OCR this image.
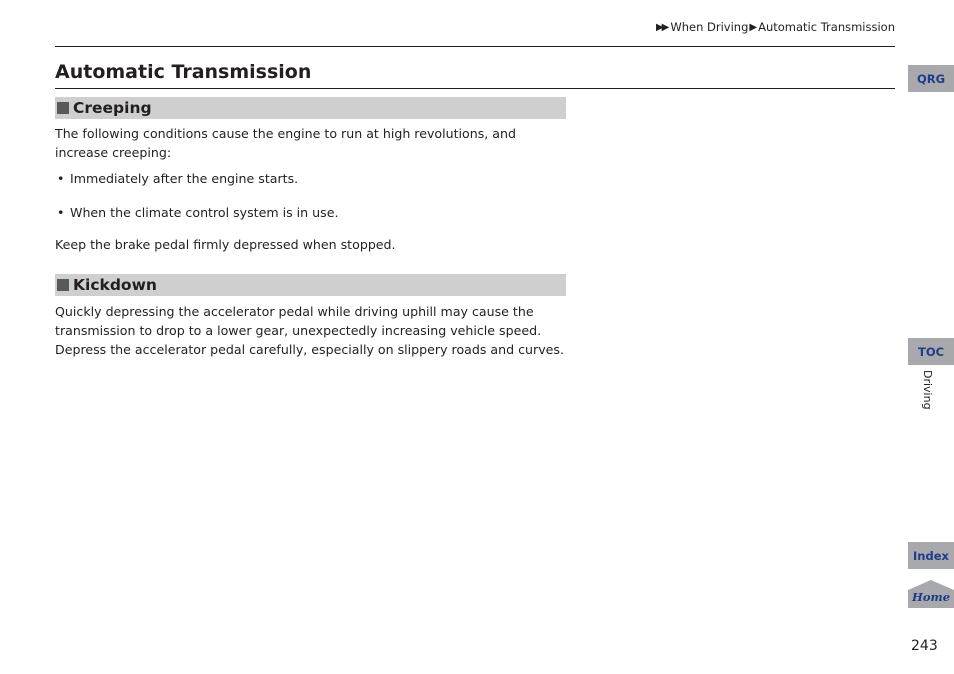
▶▶ When Driving ▶ Automatic Transmission
Automatic Transmission
Creeping

The following conditions cause the engine to run at high revolutions, and increase creeping:

• Immediately after the engine starts.
• When the climate control system is in use.

Keep the brake pedal firmly depressed when stopped.

Kickdown

Quickly depressing the accelerator pedal while driving uphill may cause the transmission to drop to a lower gear, unexpectedly increasing vehicle speed. Depress the accelerator pedal carefully, especially on slippery roads and curves.

QRG
TOC
Driving
Index
Home
243
